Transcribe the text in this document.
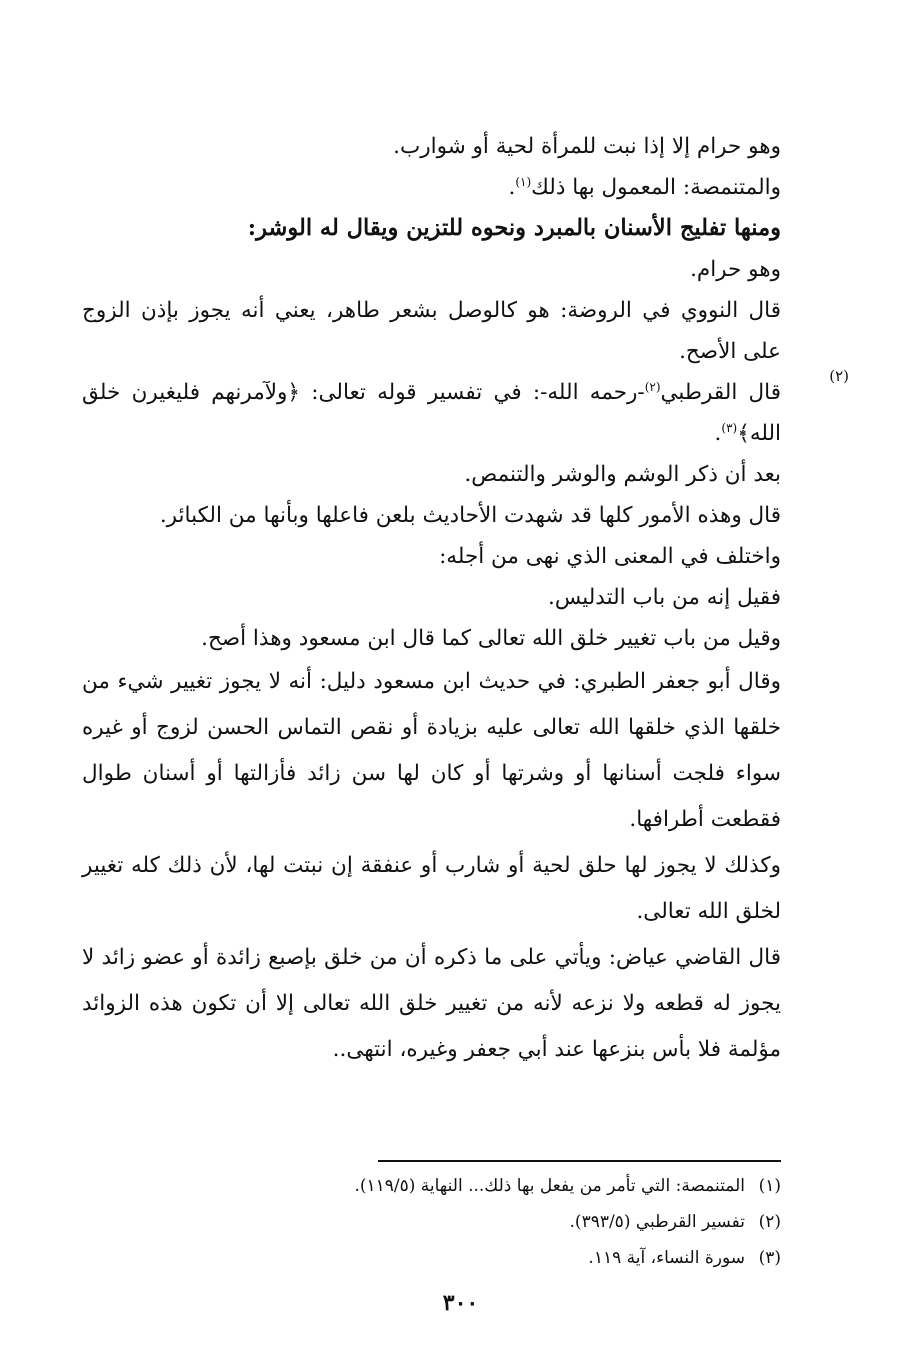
وهو حرام إلا إذا نبت للمرأة لحية أو شوارب.

والمتنمصة: المعمول بها ذلك$^{(١)}$.

ومنها تفليج الأسنان بالمبرد ونحوه للتزين ويقال له الوشر:

وهو حرام.

قال النووي في الروضة: هو كالوصل بشعر طاهر، يعني أنه يجوز بإذن الزوج على الأصح.

قال القرطبي$^{(٢)}$-رحمه الله-: في تفسير قوله تعالى: ﴿ولآمرنهم فليغيرن خلق الله﴾$^{(٣)}$.

بعد أن ذكر الوشم والوشر والتنمص.

قال وهذه الأمور كلها قد شهدت الأحاديث بلعن فاعلها وبأنها من الكبائر.

واختلف في المعنى الذي نهى من أجله:

فقيل إنه من باب التدليس.

وقيل من باب تغيير خلق الله تعالى كما قال ابن مسعود وهذا أصح.

وقال أبو جعفر الطبري: في حديث ابن مسعود دليل: أنه لا يجوز تغيير شيء من خلقها الذي خلقها الله تعالى عليه بزيادة أو نقص التماس الحسن لزوج أو غيره سواء فلجت أسنانها أو وشرتها أو كان لها سن زائد فأزالتها أو أسنان طوال فقطعت أطرافها.

وكذلك لا يجوز لها حلق لحية أو شارب أو عنفقة إن نبتت لها، لأن ذلك كله تغيير لخلق الله تعالى.

قال القاضي عياض: ويأتي على ما ذكره أن من خلق بإصبع زائدة أو عضو زائد لا يجوز له قطعه ولا نزعه لأنه من تغيير خلق الله تعالى إلا أن تكون هذه الزوائد مؤلمة فلا بأس بنزعها عند أبي جعفر وغيره، انتهى..

(٢)

(١)المتنمصة: التي تأمر من يفعل بها ذلك... النهاية (١١٩/٥).

(٢)تفسير القرطبي (٣٩٣/٥).

(٣)سورة النساء، آية ١١٩.

٣٠٠
